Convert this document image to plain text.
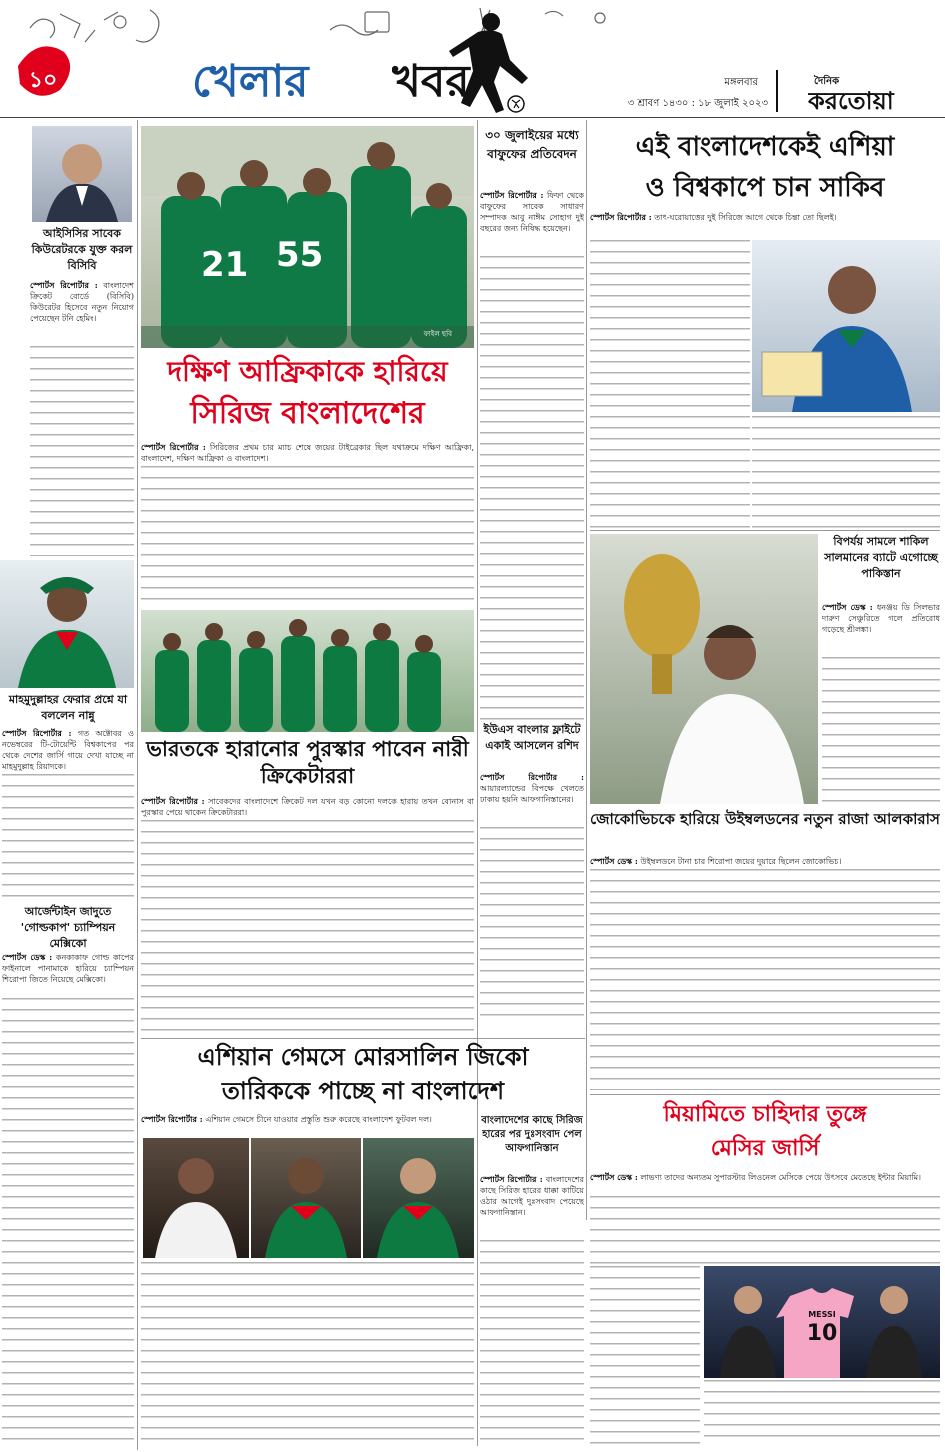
১০	খেলার	খবর	মঙ্গলবার
৩ শ্রাবণ ১৪৩০ : ১৮ জুলাই ২০২৩
দৈনিক
করতোয়া
আইসিসির সাবেক কিউরেটরকে যুক্ত করল বিসিবি
স্পোর্টস রিপোর্টার : বাংলাদেশ ক্রিকেট বোর্ডে (বিসিবি) কিউরেটর হিসেবে নতুন নিয়োগ পেয়েছেন টনি হেমিং।
মাহমুদুল্লাহর ফেরার প্রশ্নে যা বললেন নান্নু
স্পোর্টস রিপোর্টার : গত অক্টোবর ও নভেম্বরের টি-টোয়েন্টি বিশ্বকাপের পর থেকে দেশের জার্সি গায়ে দেখা যাচ্ছে না মাহমুদুল্লাহ রিয়াদকে।
আর্জেন্টাইন জাদুতে 'গোল্ডকাপ' চ্যাম্পিয়ন মেক্সিকো
স্পোর্টস ডেস্ক : কনকাকাফ গোল্ড কাপের ফাইনালে পানামাকে হারিয়ে চ্যাম্পিয়ন শিরোপা জিতে নিয়েছে মেক্সিকো।
21 55
ফাইল ছবি
দক্ষিণ আফ্রিকাকে হারিয়ে
সিরিজ বাংলাদেশের
স্পোর্টস রিপোর্টার : সিরিজের প্রথম চার ম্যাচ শেষে জয়ের টাইব্রেকার ছিল যথাক্রমে দক্ষিণ আফ্রিকা, বাংলাদেশ, দক্ষিণ আফ্রিকা ও বাংলাদেশ।
ভারতকে হারানোর পুরস্কার পাবেন নারী ক্রিকেটাররা
স্পোর্টস রিপোর্টার : সাবেকদের বাংলাদেশে ক্রিকেট দল যখন বড় কোনো দলকে হারায় তখন বোনাস বা পুরস্কার পেয়ে থাকেন ক্রিকেটাররা।
এশিয়ান গেমসে মোরসালিন জিকো
তারিককে পাচ্ছে না বাংলাদেশ
স্পোর্টস রিপোর্টার : এশিয়ান গেমসে চীনে যাওয়ার প্রস্তুতি শুরু করেছে বাংলাদেশ ফুটবল দল।
৩০ জুলাইয়ের মধ্যে বাফুফের প্রতিবেদন
স্পোর্টস রিপোর্টার : ফিফা থেকে বাফুফের সাবেক সাধারণ সম্পাদক আবু নাঈম সোহাগ দুই বছরের জন্য নিষিদ্ধ হয়েছেন।
ইউএস বাংলার ফ্লাইটে একাই আসলেন রশিদ
স্পোর্টস রিপোর্টার : আয়ারল্যান্ডের বিপক্ষে খেলতে ঢাকায় হয়নি আফগানিস্তানের।
এই বাংলাদেশকেই এশিয়া
ও বিশ্বকাপে চান সাকিব
স্পোর্টস রিপোর্টার : তাৎ-ঘরোয়াত্তের দুই সিরিজে আগে থেকে চিন্তা তো ছিলই।
জোকোভিচকে হারিয়ে উইম্বলডনের নতুন রাজা আলকারাস
স্পোর্টস ডেস্ক : উইম্বলডনে টানা চার শিরোপা জয়ের দুয়ারে ছিলেন জোকোভিচ।
বিপর্যয় সামলে শাকিল সালমানের ব্যাটে এগোচ্ছে পাকিস্তান
স্পোর্টস ডেস্ক : ধনঞ্জয় ডি সিলভার দারুণ সেঞ্চুরিতে গলে প্রতিরোধ গড়েছে শ্রীলঙ্কা।
বাংলাদেশের কাছে সিরিজ হারের পর দুঃসংবাদ পেল আফগানিস্তান
স্পোর্টস রিপোর্টার : বাংলাদেশের কাছে সিরিজ হারের ধাক্কা কাটিয়ে ওঠার আগেই দুঃসংবাদ পেয়েছে আফগানিস্তান।
মিয়ামিতে চাহিদার তুঙ্গে
মেসির জার্সি
স্পোর্টস ডেস্ক : লাভণ্য তাদের অন্যতম সুপারস্টার লিওনেল মেসিকে পেয়ে উৎসবে মেতেছে ইন্টার মিয়ামি।
MESSI
10
